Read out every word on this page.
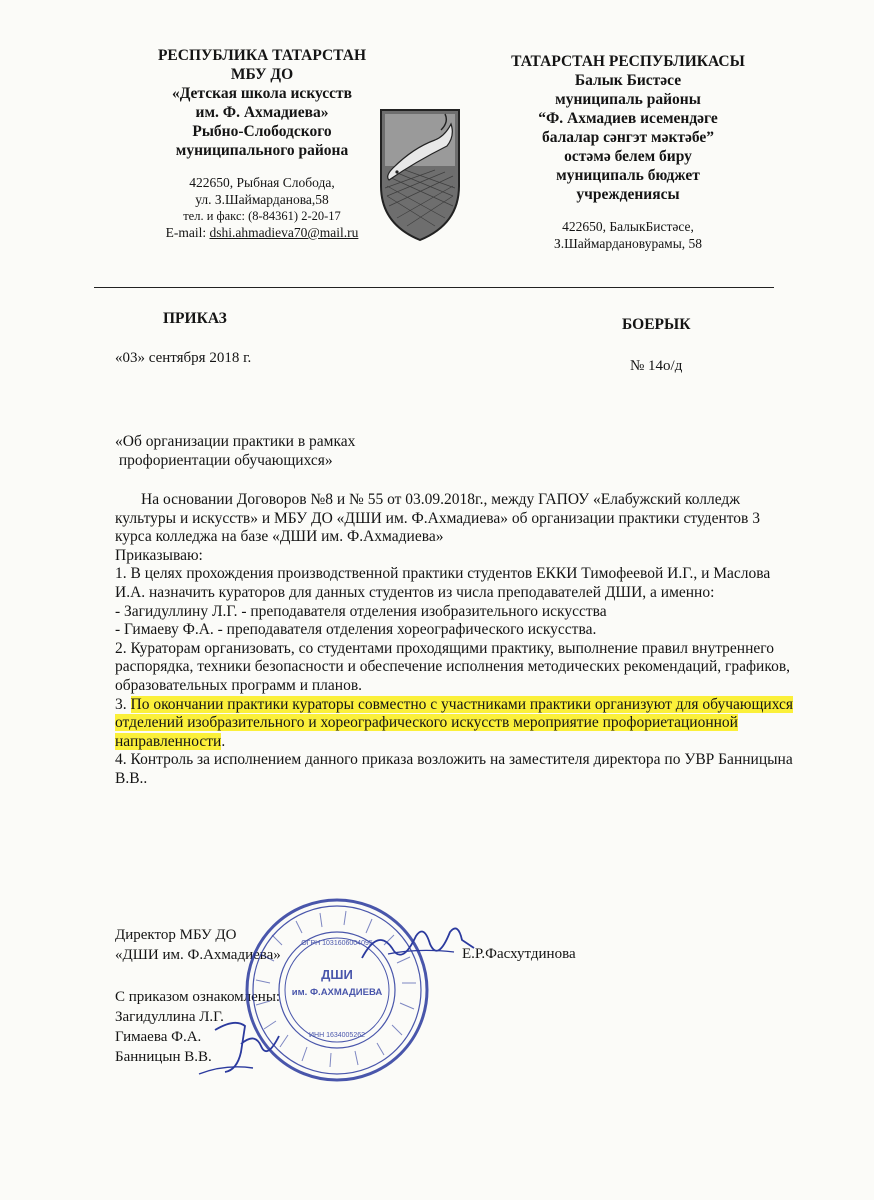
РЕСПУБЛИКА ТАТАРСТАН
МБУ ДО
«Детская школа искусств
им. Ф. Ахмадиева»
Рыбно-Слободского
муниципального района
422650, Рыбная Слобода,
ул. З.Шаймарданова,58
тел. и факс: (8-84361) 2-20-17
E-mail: dshi.ahmadieva70@mail.ru
ТАТАРСТАН РЕСПУБЛИКАСЫ
Балык Бистәсе
муниципаль районы
“Ф. Ахмадиев исемендәге
балалар сәнгэт мәктәбе”
остәмә белем биру
муниципаль бюджет
учреждениясы
422650, БалыкБистәсе,
З.Шаймардановурамы, 58
ПРИКАЗ	БОЕРЫК
«03» сентября 2018 г.	№ 14о/д
«Об организации практики в рамках
профориентации обучающихся»

На основании Договоров №8 и № 55 от 03.09.2018г., между ГАПОУ «Елабужский колледж культуры и искусств» и МБУ ДО «ДШИ им. Ф.Ахмадиева» об организации практики студентов 3 курса колледжа на базе «ДШИ им. Ф.Ахмадиева»

Приказываю:

1. В целях прохождения производственной практики студентов ЕККИ Тимофеевой И.Г., и Маслова И.А. назначить кураторов для данных студентов из числа преподавателей ДШИ, а именно:

- Загидуллину Л.Г. - преподавателя отделения изобразительного искусства

- Гимаеву Ф.А. - преподавателя отделения хореографического искусства.

2. Кураторам организовать, со студентами проходящими практику, выполнение правил внутреннего распорядка, техники безопасности и обеспечение исполнения методических рекомендаций, графиков, образовательных программ и планов.

3. По окончании практики кураторы совместно с участниками практики организуют для обучающихся отделений изобразительного и хореографического искусств мероприятие профориетационной направленности.

4. Контроль за исполнением данного приказа возложить на заместителя директора по УВР Банницына В.В..

Директор МБУ ДО
«ДШИ им. Ф.Ахмадиева»	Е.Р.Фасхутдинова
С приказом ознакомлены:
Загидуллина Л.Г.
Гимаева Ф.А.
Банницын В.В.
ДШИ
им. Ф.АХМАДИЕВА
ОГРН 1031606004095
ИНН 1634005262
